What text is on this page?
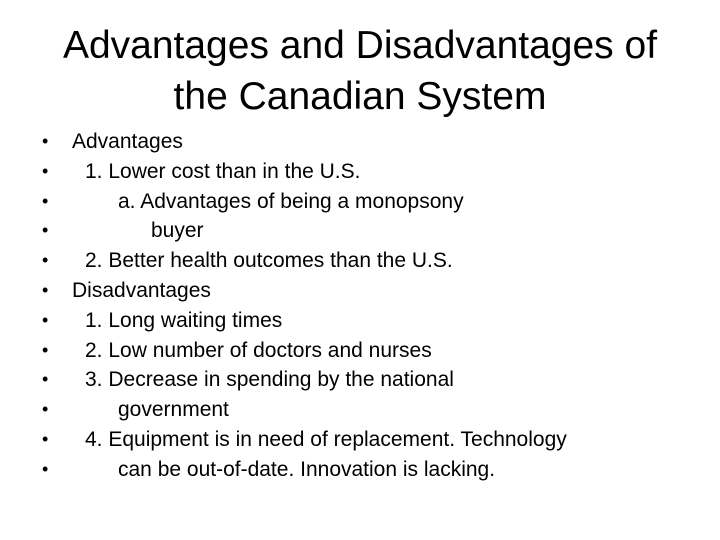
Advantages and Disadvantages of
the Canadian System
• Advantages
• 1. Lower cost than in the U.S.
•	a. Advantages of being a monopsony
•	buyer
• 2. Better health outcomes than the U.S.
• Disadvantages
• 1. Long waiting times
• 2. Low number of doctors and nurses
• 3. Decrease in spending by the national
•	government
• 4. Equipment is in need of replacement. Technology
•	can be out-of-date. Innovation is lacking.
